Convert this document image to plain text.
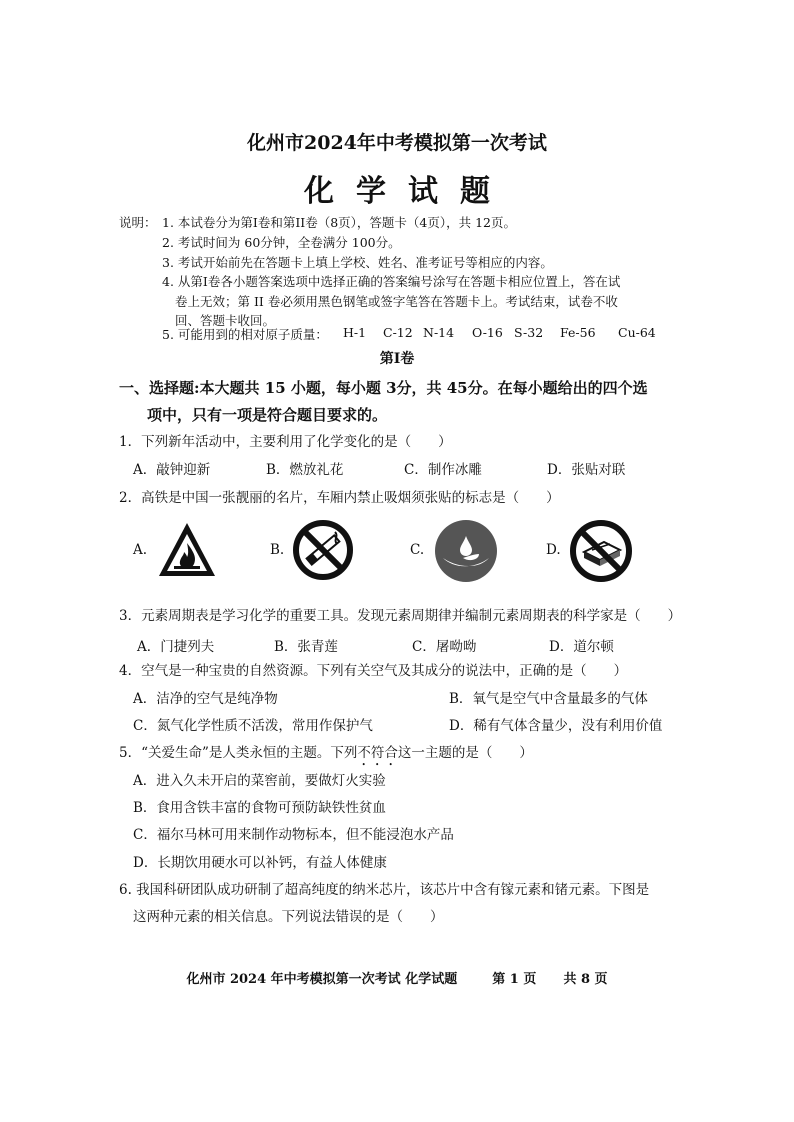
化州市2024年中考模拟第一次考试
化学试题
说明： 1. 本试卷分为第Ⅰ卷和第II卷（8页），答题卡（4页），共 12页。
2. 考试时间为 60分钟，全卷满分 100分。
3. 考试开始前先在答题卡上填上学校、姓名、准考证号等相应的内容。
4. 从第Ⅰ卷各小题答案选项中选择正确的答案编号涂写在答题卡相应位置上，答在试
卷上无效；第 II 卷必须用黑色钢笔或签字笔答在答题卡上。考试结束，试卷不收
回、答题卡收回。
5. 可能用到的相对原子质量： H-1 C-12 N-14 O-16 S-32 Fe-56 Cu-64
第Ⅰ卷
一、选择题:本大题共 15 小题，每小题 3分，共 45分。在每小题给出的四个选
项中，只有一项是符合题目要求的。
1．下列新年活动中，主要利用了化学变化的是（　　）
A．敲钟迎新	B．燃放礼花	C．制作冰雕	D．张贴对联
2．高铁是中国一张靓丽的名片，车厢内禁止吸烟须张贴的标志是（　　）
A.	B.	C.	D.
3．元素周期表是学习化学的重要工具。发现元素周期律并编制元素周期表的科学家是（　　）
A．门捷列夫	B．张青莲	C．屠呦呦	D．道尔顿
4．空气是一种宝贵的自然资源。下列有关空气及其成分的说法中，正确的是（　　）
A．洁净的空气是纯净物	B．氧气是空气中含量最多的气体
C．氮气化学性质不活泼，常用作保护气	D．稀有气体含量少，没有利用价值
5．“关爱生命”是人类永恒的主题。下列不符合这一主题的是（　　）
A．进入久未开启的菜窖前，要做灯火实验
B．食用含铁丰富的食物可预防缺铁性贫血
C．福尔马林可用来制作动物标本，但不能浸泡水产品
D．长期饮用硬水可以补钙，有益人体健康
6. 我国科研团队成功研制了超高纯度的纳米芯片，该芯片中含有镓元素和锗元素。下图是
这两种元素的相关信息。下列说法错误的是（　　）
化州市 2024 年中考模拟第一次考试 化学试题	第 1 页 共 8 页
